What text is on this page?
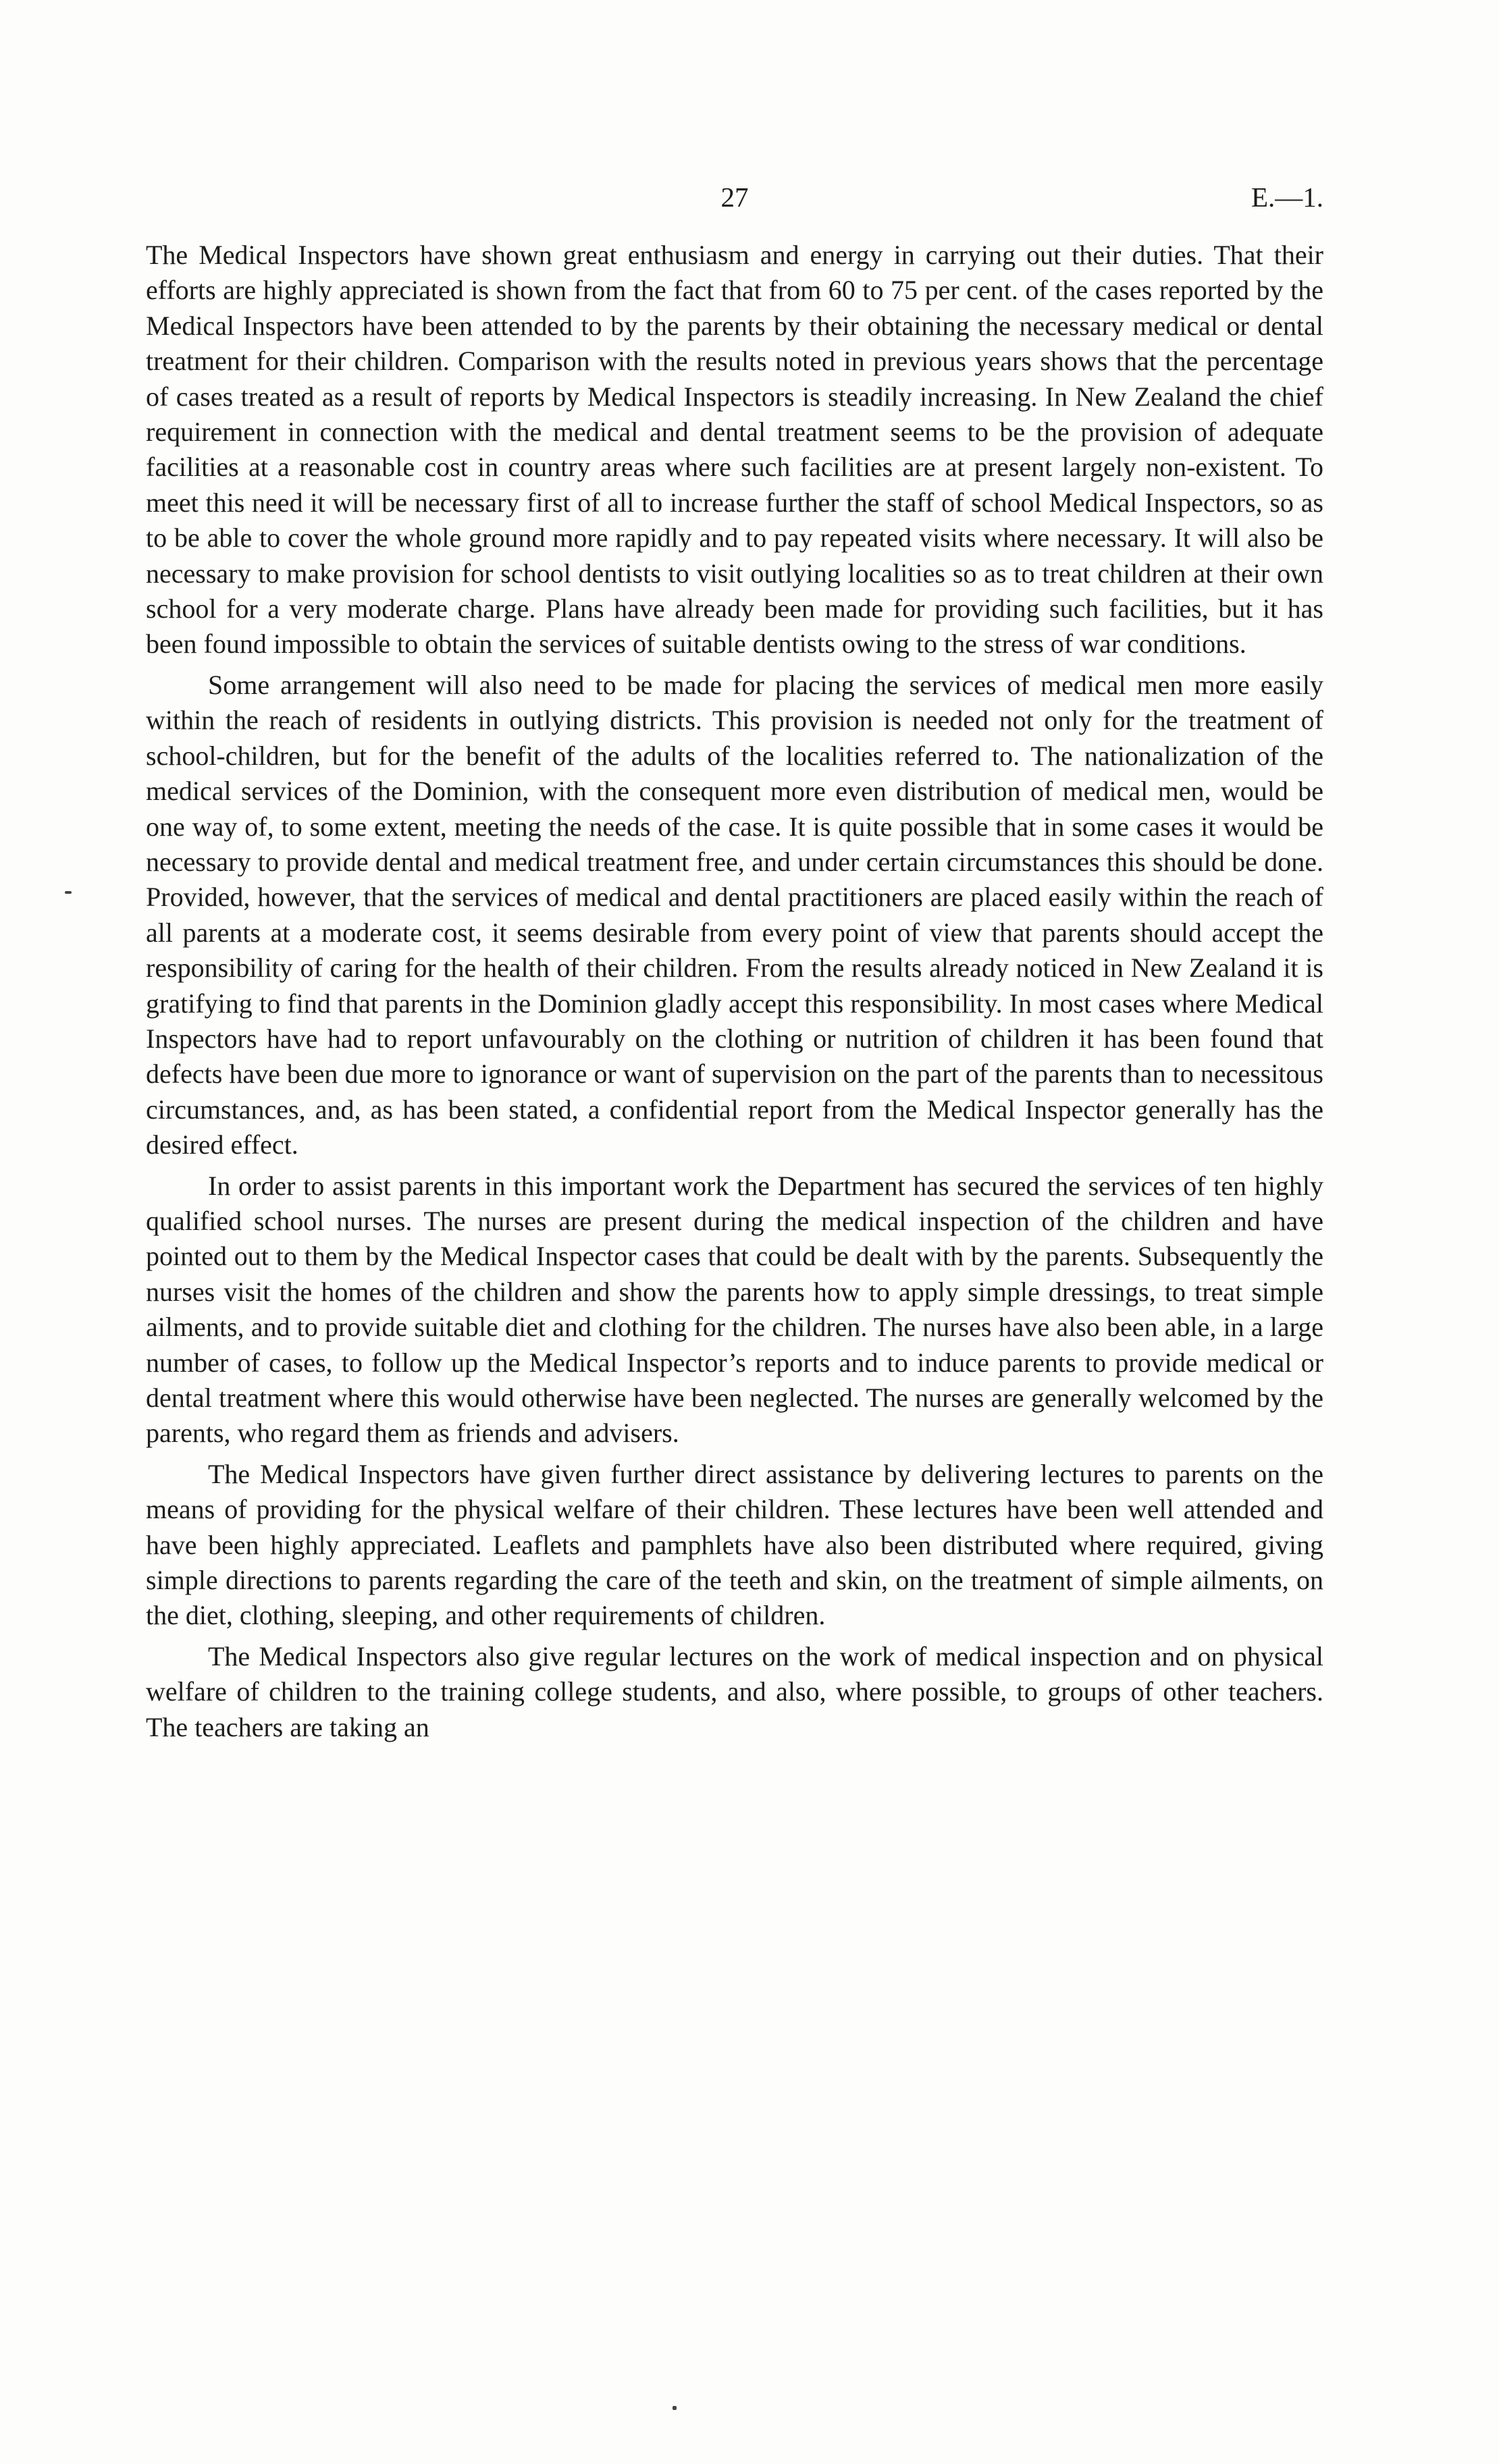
27	E.—1.

The Medical Inspectors have shown great enthusiasm and energy in carrying out their duties. That their efforts are highly appreciated is shown from the fact that from 60 to 75 per cent. of the cases reported by the Medical Inspectors have been attended to by the parents by their obtaining the necessary medical or dental treatment for their children. Comparison with the results noted in previous years shows that the percentage of cases treated as a result of reports by Medical Inspectors is steadily increasing. In New Zealand the chief requirement in connection with the medical and dental treatment seems to be the provision of adequate facilities at a reasonable cost in country areas where such facilities are at present largely non-existent. To meet this need it will be necessary first of all to increase further the staff of school Medical Inspectors, so as to be able to cover the whole ground more rapidly and to pay repeated visits where necessary. It will also be necessary to make provision for school dentists to visit outlying localities so as to treat children at their own school for a very moderate charge. Plans have already been made for providing such facilities, but it has been found impossible to obtain the services of suitable dentists owing to the stress of war conditions.

Some arrangement will also need to be made for placing the services of medical men more easily within the reach of residents in outlying districts. This provision is needed not only for the treatment of school-children, but for the benefit of the adults of the localities referred to. The nationalization of the medical services of the Dominion, with the consequent more even distribution of medical men, would be one way of, to some extent, meeting the needs of the case. It is quite possible that in some cases it would be necessary to provide dental and medical treatment free, and under certain circumstances this should be done. Provided, however, that the services of medical and dental practitioners are placed easily within the reach of all parents at a moderate cost, it seems desirable from every point of view that parents should accept the responsibility of caring for the health of their children. From the results already noticed in New Zealand it is gratifying to find that parents in the Dominion gladly accept this responsibility. In most cases where Medical Inspectors have had to report unfavourably on the clothing or nutrition of children it has been found that defects have been due more to ignorance or want of supervision on the part of the parents than to necessitous circumstances, and, as has been stated, a confidential report from the Medical Inspector generally has the desired effect.

In order to assist parents in this important work the Department has secured the services of ten highly qualified school nurses. The nurses are present during the medical inspection of the children and have pointed out to them by the Medical Inspector cases that could be dealt with by the parents. Subsequently the nurses visit the homes of the children and show the parents how to apply simple dressings, to treat simple ailments, and to provide suitable diet and clothing for the children. The nurses have also been able, in a large number of cases, to follow up the Medical Inspector’s reports and to induce parents to provide medical or dental treatment where this would otherwise have been neglected. The nurses are generally welcomed by the parents, who regard them as friends and advisers.

The Medical Inspectors have given further direct assistance by delivering lectures to parents on the means of providing for the physical welfare of their children. These lectures have been well attended and have been highly appreciated. Leaflets and pamphlets have also been distributed where required, giving simple directions to parents regarding the care of the teeth and skin, on the treatment of simple ailments, on the diet, clothing, sleeping, and other requirements of children.

The Medical Inspectors also give regular lectures on the work of medical inspection and on physical welfare of children to the training college students, and also, where possible, to groups of other teachers. The teachers are taking an
